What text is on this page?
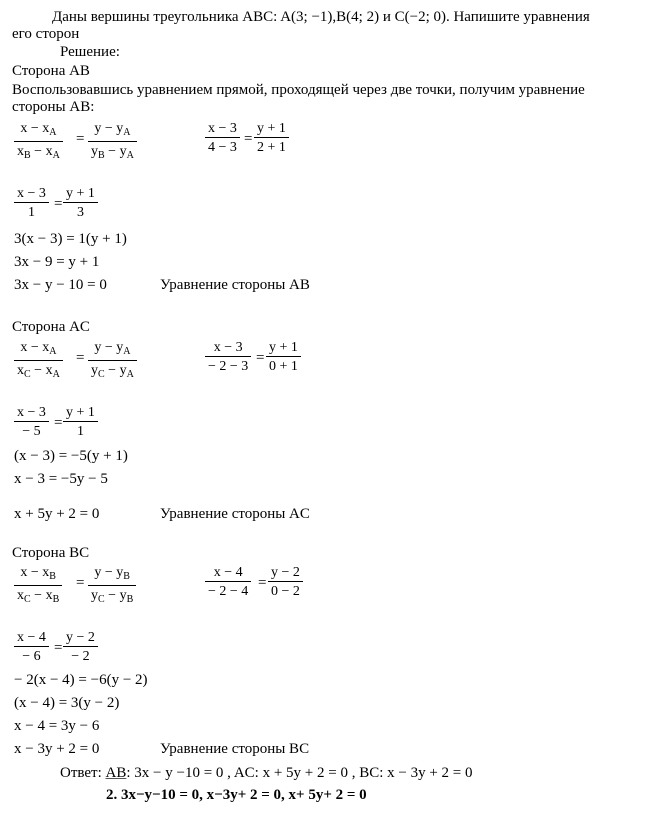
Даны вершины треугольника ABC: A(3; −1),B(4; 2) и C(−2; 0). Напишите уравнения
его сторон
Решение:
Сторона AB
Воспользовавшись уравнением прямой, проходящей через две точки, получим уравнение
стороны AB:
$\frac{x - x_A}{x_B - x_A} = \frac{y - y_A}{y_B - y_A}$	$\frac{x - 3}{4 - 3} = \frac{y + 1}{2 + 1}$
$\frac{x - 3}{1} = \frac{y + 1}{3}$
3(x − 3) = 1(y + 1)
3x − 9 = y + 1
3x − y − 10 = 0	Уравнение стороны AB
Сторона AC
$\frac{x - x_A}{x_C - x_A} = \frac{y - y_A}{y_C - y_A}$	$\frac{x - 3}{- 2 - 3} = \frac{y + 1}{0 + 1}$
$\frac{x - 3}{- 5} = \frac{y + 1}{1}$
(x − 3) = −5(y + 1)
x − 3 = −5y − 5
x + 5y + 2 = 0	Уравнение стороны AC
Сторона BC
$\frac{x - x_B}{x_C - x_B} = \frac{y - y_B}{y_C - y_B}$	$\frac{x - 4}{- 2 - 4} = \frac{y - 2}{0 - 2}$
$\frac{x - 4}{- 6} = \frac{y - 2}{- 2}$
− 2(x − 4) = −6(y − 2)
(x − 4) = 3(y − 2)
x − 4 = 3y − 6
x − 3y + 2 = 0	Уравнение стороны BC
Ответ: AB: 3x − y −10 = 0 , AC: x + 5y + 2 = 0 , BC: x − 3y + 2 = 0
2. 3x−y−10 = 0, x−3y+ 2 = 0, x+ 5y+ 2 = 0
